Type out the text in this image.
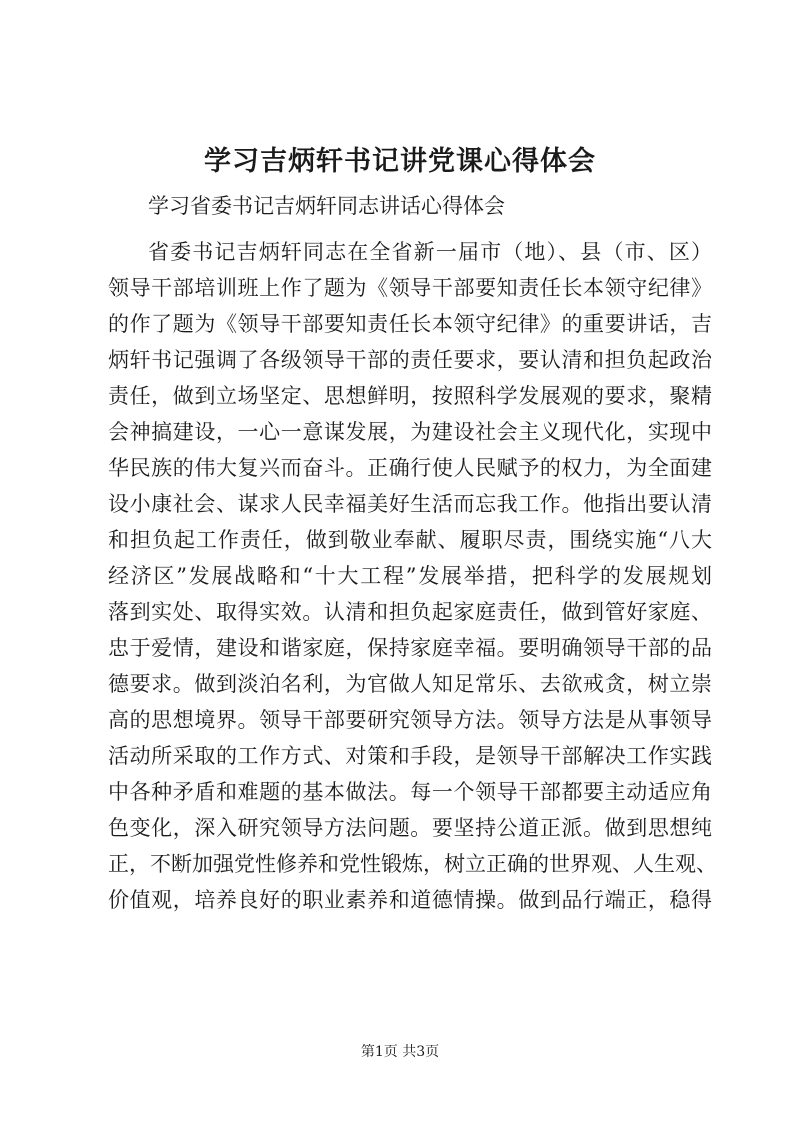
学习吉炳轩书记讲党课心得体会

学习省委书记吉炳轩同志讲话心得体会

省委书记吉炳轩同志在全省新一届市（地）、县（市、区）

领导干部培训班上作了题为《领导干部要知责任长本领守纪律》

的作了题为《领导干部要知责任长本领守纪律》的重要讲话，吉

炳轩书记强调了各级领导干部的责任要求，要认清和担负起政治

责任，做到立场坚定、思想鲜明，按照科学发展观的要求，聚精

会神搞建设，一心一意谋发展，为建设社会主义现代化，实现中

华民族的伟大复兴而奋斗。正确行使人民赋予的权力，为全面建

设小康社会、谋求人民幸福美好生活而忘我工作。他指出要认清

和担负起工作责任，做到敬业奉献、履职尽责，围绕实施“八大

经济区”发展战略和“十大工程”发展举措，把科学的发展规划

落到实处、取得实效。认清和担负起家庭责任，做到管好家庭、

忠于爱情，建设和谐家庭，保持家庭幸福。要明确领导干部的品

德要求。做到淡泊名利，为官做人知足常乐、去欲戒贪，树立崇

高的思想境界。领导干部要研究领导方法。领导方法是从事领导

活动所采取的工作方式、对策和手段，是领导干部解决工作实践

中各种矛盾和难题的基本做法。每一个领导干部都要主动适应角

色变化，深入研究领导方法问题。要坚持公道正派。做到思想纯

正，不断加强党性修养和党性锻炼，树立正确的世界观、人生观、

价值观，培养良好的职业素养和道德情操。做到品行端正，稳得

第1页 共3页
